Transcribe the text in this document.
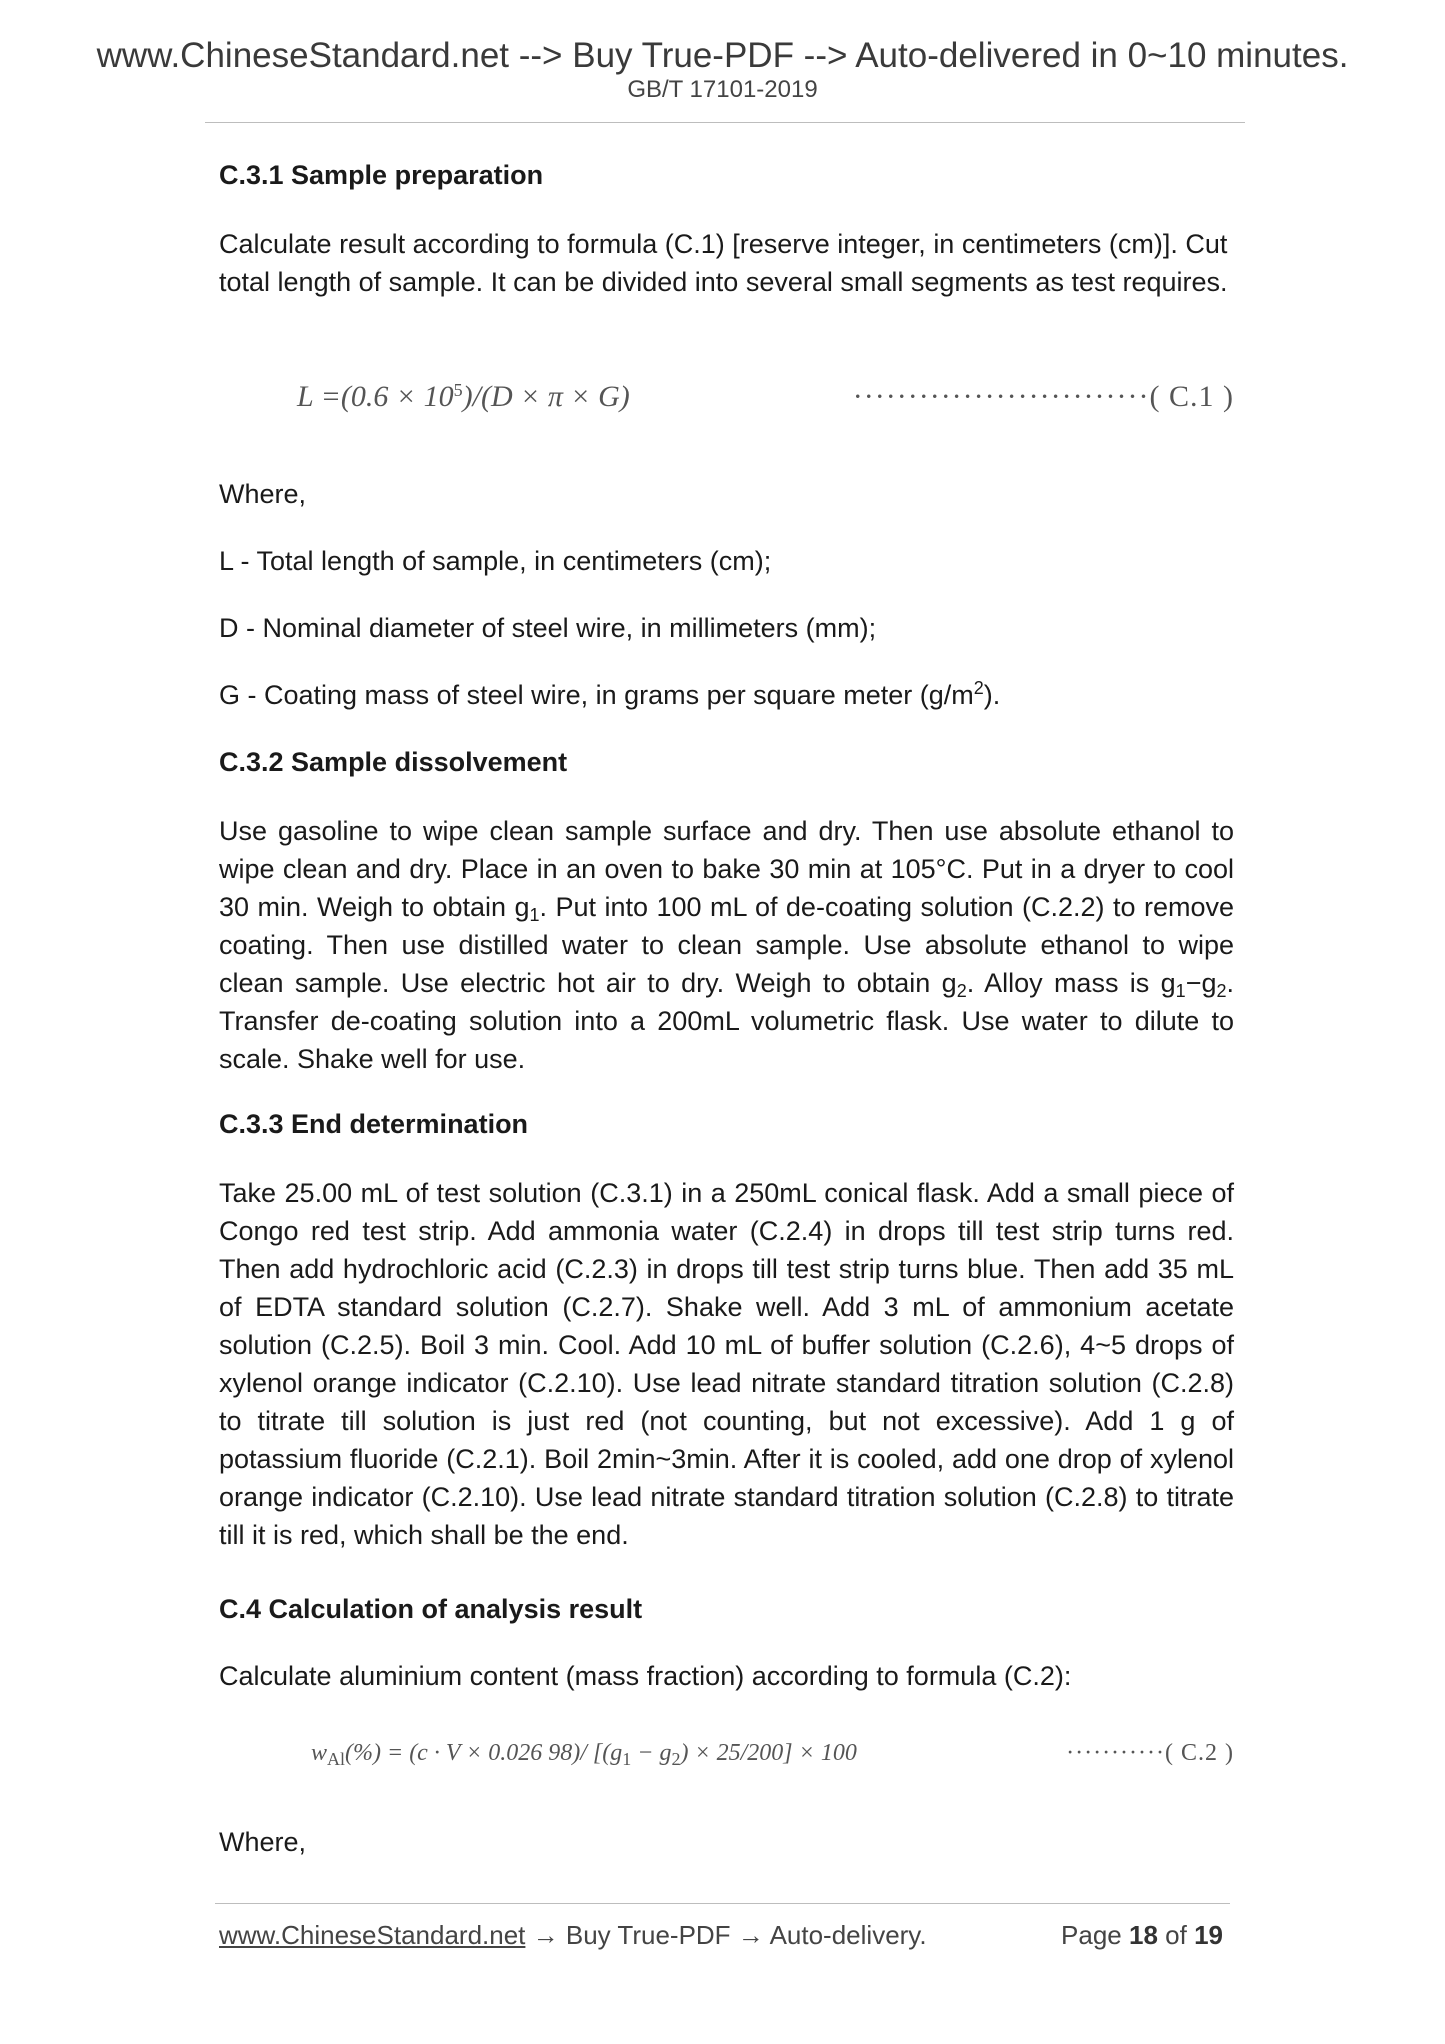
www.ChineseStandard.net --> Buy True-PDF --> Auto-delivered in 0~10 minutes.
GB/T 17101-2019
C.3.1 Sample preparation
Calculate result according to formula (C.1) [reserve integer, in centimeters (cm)]. Cut total length of sample. It can be divided into several small segments as test requires.
$L =(0.6 \times 10^5)/(D \times \pi \times G)$	···························( C.1 )
Where,
L - Total length of sample, in centimeters (cm);
D - Nominal diameter of steel wire, in millimeters (mm);
G - Coating mass of steel wire, in grams per square meter $(g/m^2)$.
C.3.2 Sample dissolvement
Use gasoline to wipe clean sample surface and dry. Then use absolute ethanol to wipe clean and dry. Place in an oven to bake 30 min at 105°C. Put in a dryer to cool 30 min. Weigh to obtain $g_1$. Put into 100 mL of de-coating solution (C.2.2) to remove coating. Then use distilled water to clean sample. Use absolute ethanol to wipe clean sample. Use electric hot air to dry. Weigh to obtain $g_2$. Alloy mass is $g_1-g_2$. Transfer de-coating solution into a 200mL volumetric flask. Use water to dilute to scale. Shake well for use.
C.3.3 End determination
Take 25.00 mL of test solution (C.3.1) in a 250mL conical flask. Add a small piece of Congo red test strip. Add ammonia water (C.2.4) in drops till test strip turns red. Then add hydrochloric acid (C.2.3) in drops till test strip turns blue. Then add 35 mL of EDTA standard solution (C.2.7). Shake well. Add 3 mL of ammonium acetate solution (C.2.5). Boil 3 min. Cool. Add 10 mL of buffer solution (C.2.6), 4~5 drops of xylenol orange indicator (C.2.10). Use lead nitrate standard titration solution (C.2.8) to titrate till solution is just red (not counting, but not excessive). Add 1 g of potassium fluoride (C.2.1). Boil 2min~3min. After it is cooled, add one drop of xylenol orange indicator (C.2.10). Use lead nitrate standard titration solution (C.2.8) to titrate till it is red, which shall be the end.
C.4 Calculation of analysis result
Calculate aluminium content (mass fraction) according to formula (C.2):
$w_{Al}(\%) = (c \cdot V \times 0.026$ 98)/ $[(g_1 - g_2) \times 25/200] \times 100$	···········( C.2 )
Where,
www.ChineseStandard.net → Buy True-PDF → Auto-delivery.	Page 18 of 19
